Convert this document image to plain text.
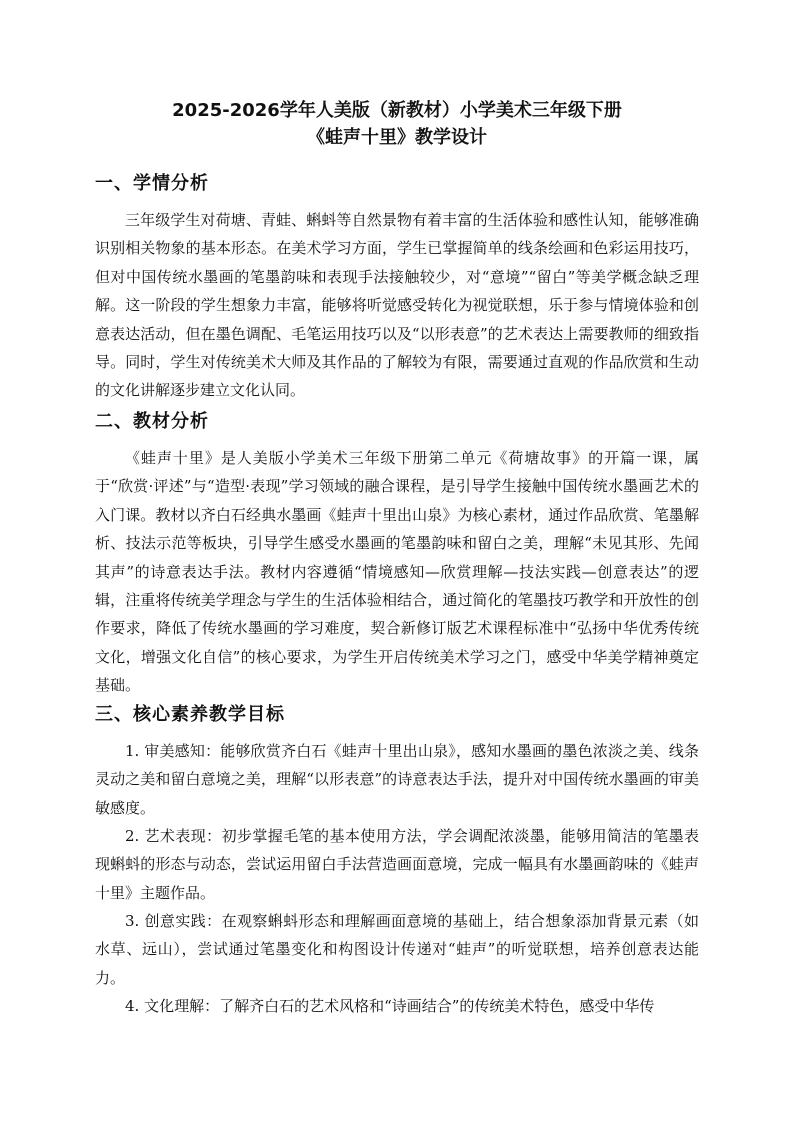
2025-2026学年人美版（新教材）小学美术三年级下册
《蛙声十里》教学设计
一、学情分析

三年级学生对荷塘、青蛙、蝌蚪等自然景物有着丰富的生活体验和感性认知，能够准确识别相关物象的基本形态。在美术学习方面，学生已掌握简单的线条绘画和色彩运用技巧，但对中国传统水墨画的笔墨韵味和表现手法接触较少，对“意境”“留白”等美学概念缺乏理解。这一阶段的学生想象力丰富，能够将听觉感受转化为视觉联想，乐于参与情境体验和创意表达活动，但在墨色调配、毛笔运用技巧以及“以形表意”的艺术表达上需要教师的细致指导。同时，学生对传统美术大师及其作品的了解较为有限，需要通过直观的作品欣赏和生动的文化讲解逐步建立文化认同。

二、教材分析

《蛙声十里》是人美版小学美术三年级下册第二单元《荷塘故事》的开篇一课，属于“欣赏·评述”与“造型·表现”学习领域的融合课程，是引导学生接触中国传统水墨画艺术的入门课。教材以齐白石经典水墨画《蛙声十里出山泉》为核心素材，通过作品欣赏、笔墨解析、技法示范等板块，引导学生感受水墨画的笔墨韵味和留白之美，理解“未见其形、先闻其声”的诗意表达手法。教材内容遵循“情境感知—欣赏理解—技法实践—创意表达”的逻辑，注重将传统美学理念与学生的生活体验相结合，通过简化的笔墨技巧教学和开放性的创作要求，降低了传统水墨画的学习难度，契合新修订版艺术课程标准中“弘扬中华优秀传统文化，增强文化自信”的核心要求，为学生开启传统美术学习之门，感受中华美学精神奠定基础。

三、核心素养教学目标

1. 审美感知：能够欣赏齐白石《蛙声十里出山泉》，感知水墨画的墨色浓淡之美、线条灵动之美和留白意境之美，理解“以形表意”的诗意表达手法，提升对中国传统水墨画的审美敏感度。

2. 艺术表现：初步掌握毛笔的基本使用方法，学会调配浓淡墨，能够用简洁的笔墨表现蝌蚪的形态与动态，尝试运用留白手法营造画面意境，完成一幅具有水墨画韵味的《蛙声十里》主题作品。

3. 创意实践：在观察蝌蚪形态和理解画面意境的基础上，结合想象添加背景元素（如水草、远山），尝试通过笔墨变化和构图设计传递对“蛙声”的听觉联想，培养创意表达能力。

4. 文化理解：了解齐白石的艺术风格和“诗画结合”的传统美术特色，感受中华传
